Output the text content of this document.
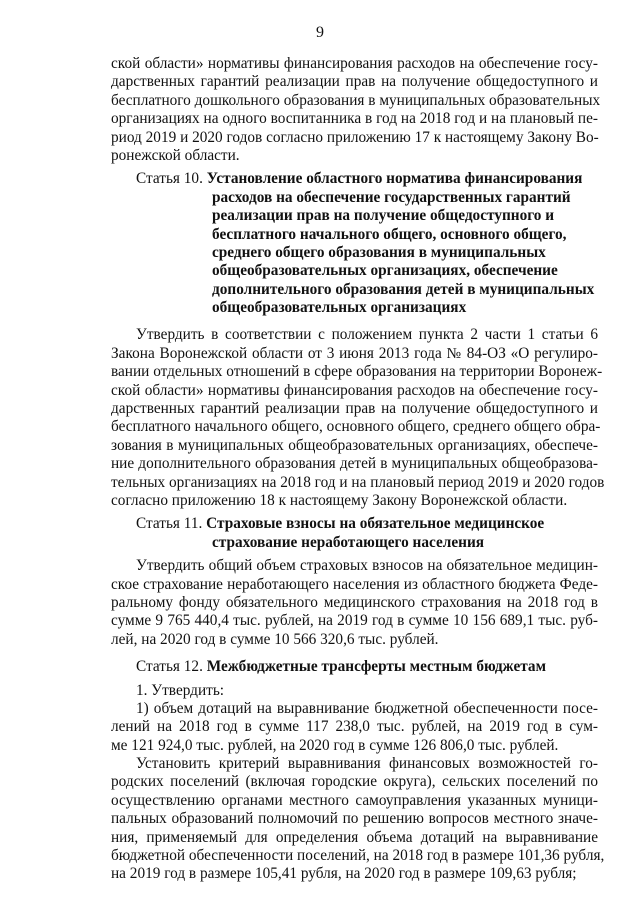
9
ской области» нормативы финансирования расходов на обеспечение госу-
дарственных гарантий реализации прав на получение общедоступного и
бесплатного дошкольного образования в муниципальных образовательных
организациях на одного воспитанника в год на 2018 год и на плановый пе-
риод 2019 и 2020 годов согласно приложению 17 к настоящему Закону Во-
ронежской области.
Статья 10. Установление областного норматива финансирования
расходов на обеспечение государственных гарантий
реализации прав на получение общедоступного и
бесплатного начального общего, основного общего,
среднего общего образования в муниципальных
общеобразовательных организациях, обеспечение
дополнительного образования детей в муниципальных
общеобразовательных организациях
Утвердить в соответствии с положением пункта 2 части 1 статьи 6
Закона Воронежской области от 3 июня 2013 года № 84-ОЗ «О регулиро-
вании отдельных отношений в сфере образования на территории Воронеж-
ской области» нормативы финансирования расходов на обеспечение госу-
дарственных гарантий реализации прав на получение общедоступного и
бесплатного начального общего, основного общего, среднего общего обра-
зования в муниципальных общеобразовательных организациях, обеспече-
ние дополнительного образования детей в муниципальных общеобразова-
тельных организациях на 2018 год и на плановый период 2019 и 2020 годов
согласно приложению 18 к настоящему Закону Воронежской области.
Статья 11. Страховые взносы на обязательное медицинское
страхование неработающего населения
Утвердить общий объем страховых взносов на обязательное медицин-
ское страхование неработающего населения из областного бюджета Феде-
ральному фонду обязательного медицинского страхования на 2018 год в
сумме 9 765 440,4 тыс. рублей, на 2019 год в сумме 10 156 689,1 тыс. руб-
лей, на 2020 год в сумме 10 566 320,6 тыс. рублей.
Статья 12. Межбюджетные трансферты местным бюджетам
1. Утвердить:
1) объем дотаций на выравнивание бюджетной обеспеченности посе-
лений на 2018 год в сумме 117 238,0 тыс. рублей, на 2019 год в сум-
ме 121 924,0 тыс. рублей, на 2020 год в сумме 126 806,0 тыс. рублей.
Установить критерий выравнивания финансовых возможностей го-
родских поселений (включая городские округа), сельских поселений по
осуществлению органами местного самоуправления указанных муници-
пальных образований полномочий по решению вопросов местного значе-
ния, применяемый для определения объема дотаций на выравнивание
бюджетной обеспеченности поселений, на 2018 год в размере 101,36 рубля,
на 2019 год в размере 105,41 рубля, на 2020 год в размере 109,63 рубля;
